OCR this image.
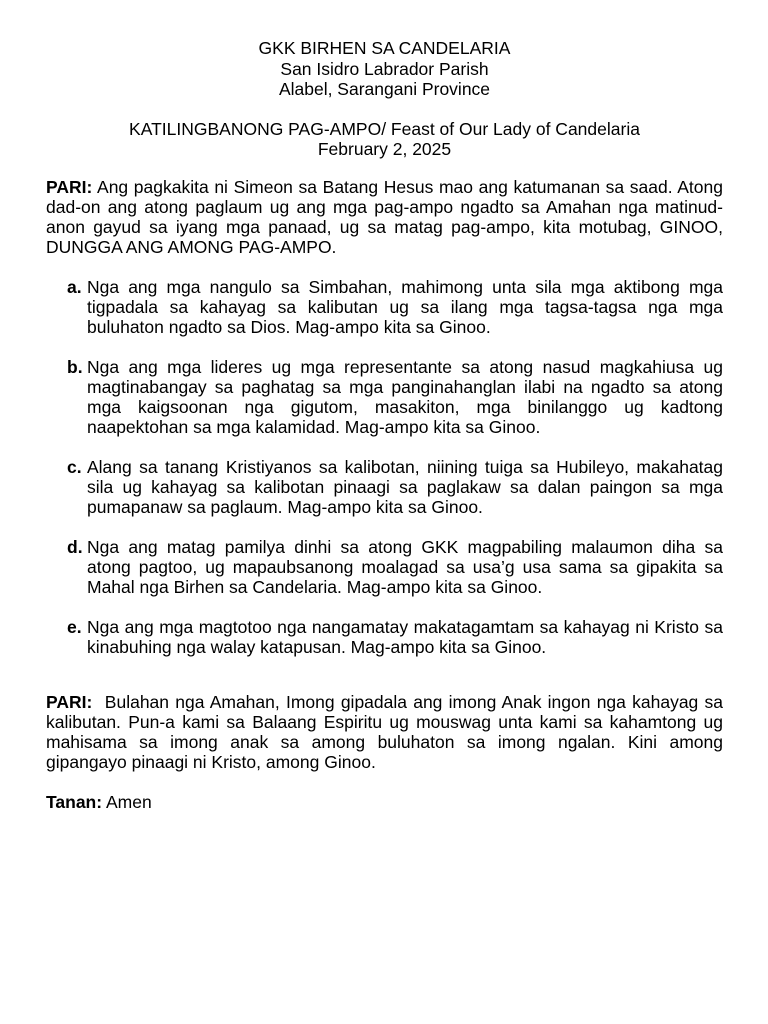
GKK BIRHEN SA CANDELARIA
San Isidro Labrador Parish
Alabel, Sarangani Province
KATILINGBANONG PAG-AMPO/ Feast of Our Lady of Candelaria
February 2, 2025

PARI: Ang pagkakita ni Simeon sa Batang Hesus mao ang katumanan sa saad. Atong dad-on ang atong paglaum ug ang mga pag-ampo ngadto sa Amahan nga matinud-anon gayud sa iyang mga panaad, ug sa matag pag-ampo, kita motubag, GINOO, DUNGGA ANG AMONG PAG-AMPO.

a. Nga ang mga nangulo sa Simbahan, mahimong unta sila mga aktibong mga tigpadala sa kahayag sa kalibutan ug sa ilang mga tagsa-tagsa nga mga buluhaton ngadto sa Dios. Mag-ampo kita sa Ginoo.
b. Nga ang mga lideres ug mga representante sa atong nasud magkahiusa ug magtinabangay sa paghatag sa mga panginahanglan ilabi na ngadto sa atong mga kaigsoonan nga gigutom, masakiton, mga binilanggo ug kadtong naapektohan sa mga kalamidad. Mag-ampo kita sa Ginoo.
c. Alang sa tanang Kristiyanos sa kalibotan, niining tuiga sa Hubileyo, makahatag sila ug kahayag sa kalibotan pinaagi sa paglakaw sa dalan paingon sa mga pumapanaw sa paglaum. Mag-ampo kita sa Ginoo.
d. Nga ang matag pamilya dinhi sa atong GKK magpabiling malaumon diha sa atong pagtoo, ug mapaubsanong moalagad sa usa’g usa sama sa gipakita sa Mahal nga Birhen sa Candelaria. Mag-ampo kita sa Ginoo.
e. Nga ang mga magtotoo nga nangamatay makatagamtam sa kahayag ni Kristo sa kinabuhing nga walay katapusan. Mag-ampo kita sa Ginoo.

PARI: Bulahan nga Amahan, Imong gipadala ang imong Anak ingon nga kahayag sa kalibutan. Pun-a kami sa Balaang Espiritu ug mouswag unta kami sa kahamtong ug mahisama sa imong anak sa among buluhaton sa imong ngalan. Kini among gipangayo pinaagi ni Kristo, among Ginoo.

Tanan: Amen
